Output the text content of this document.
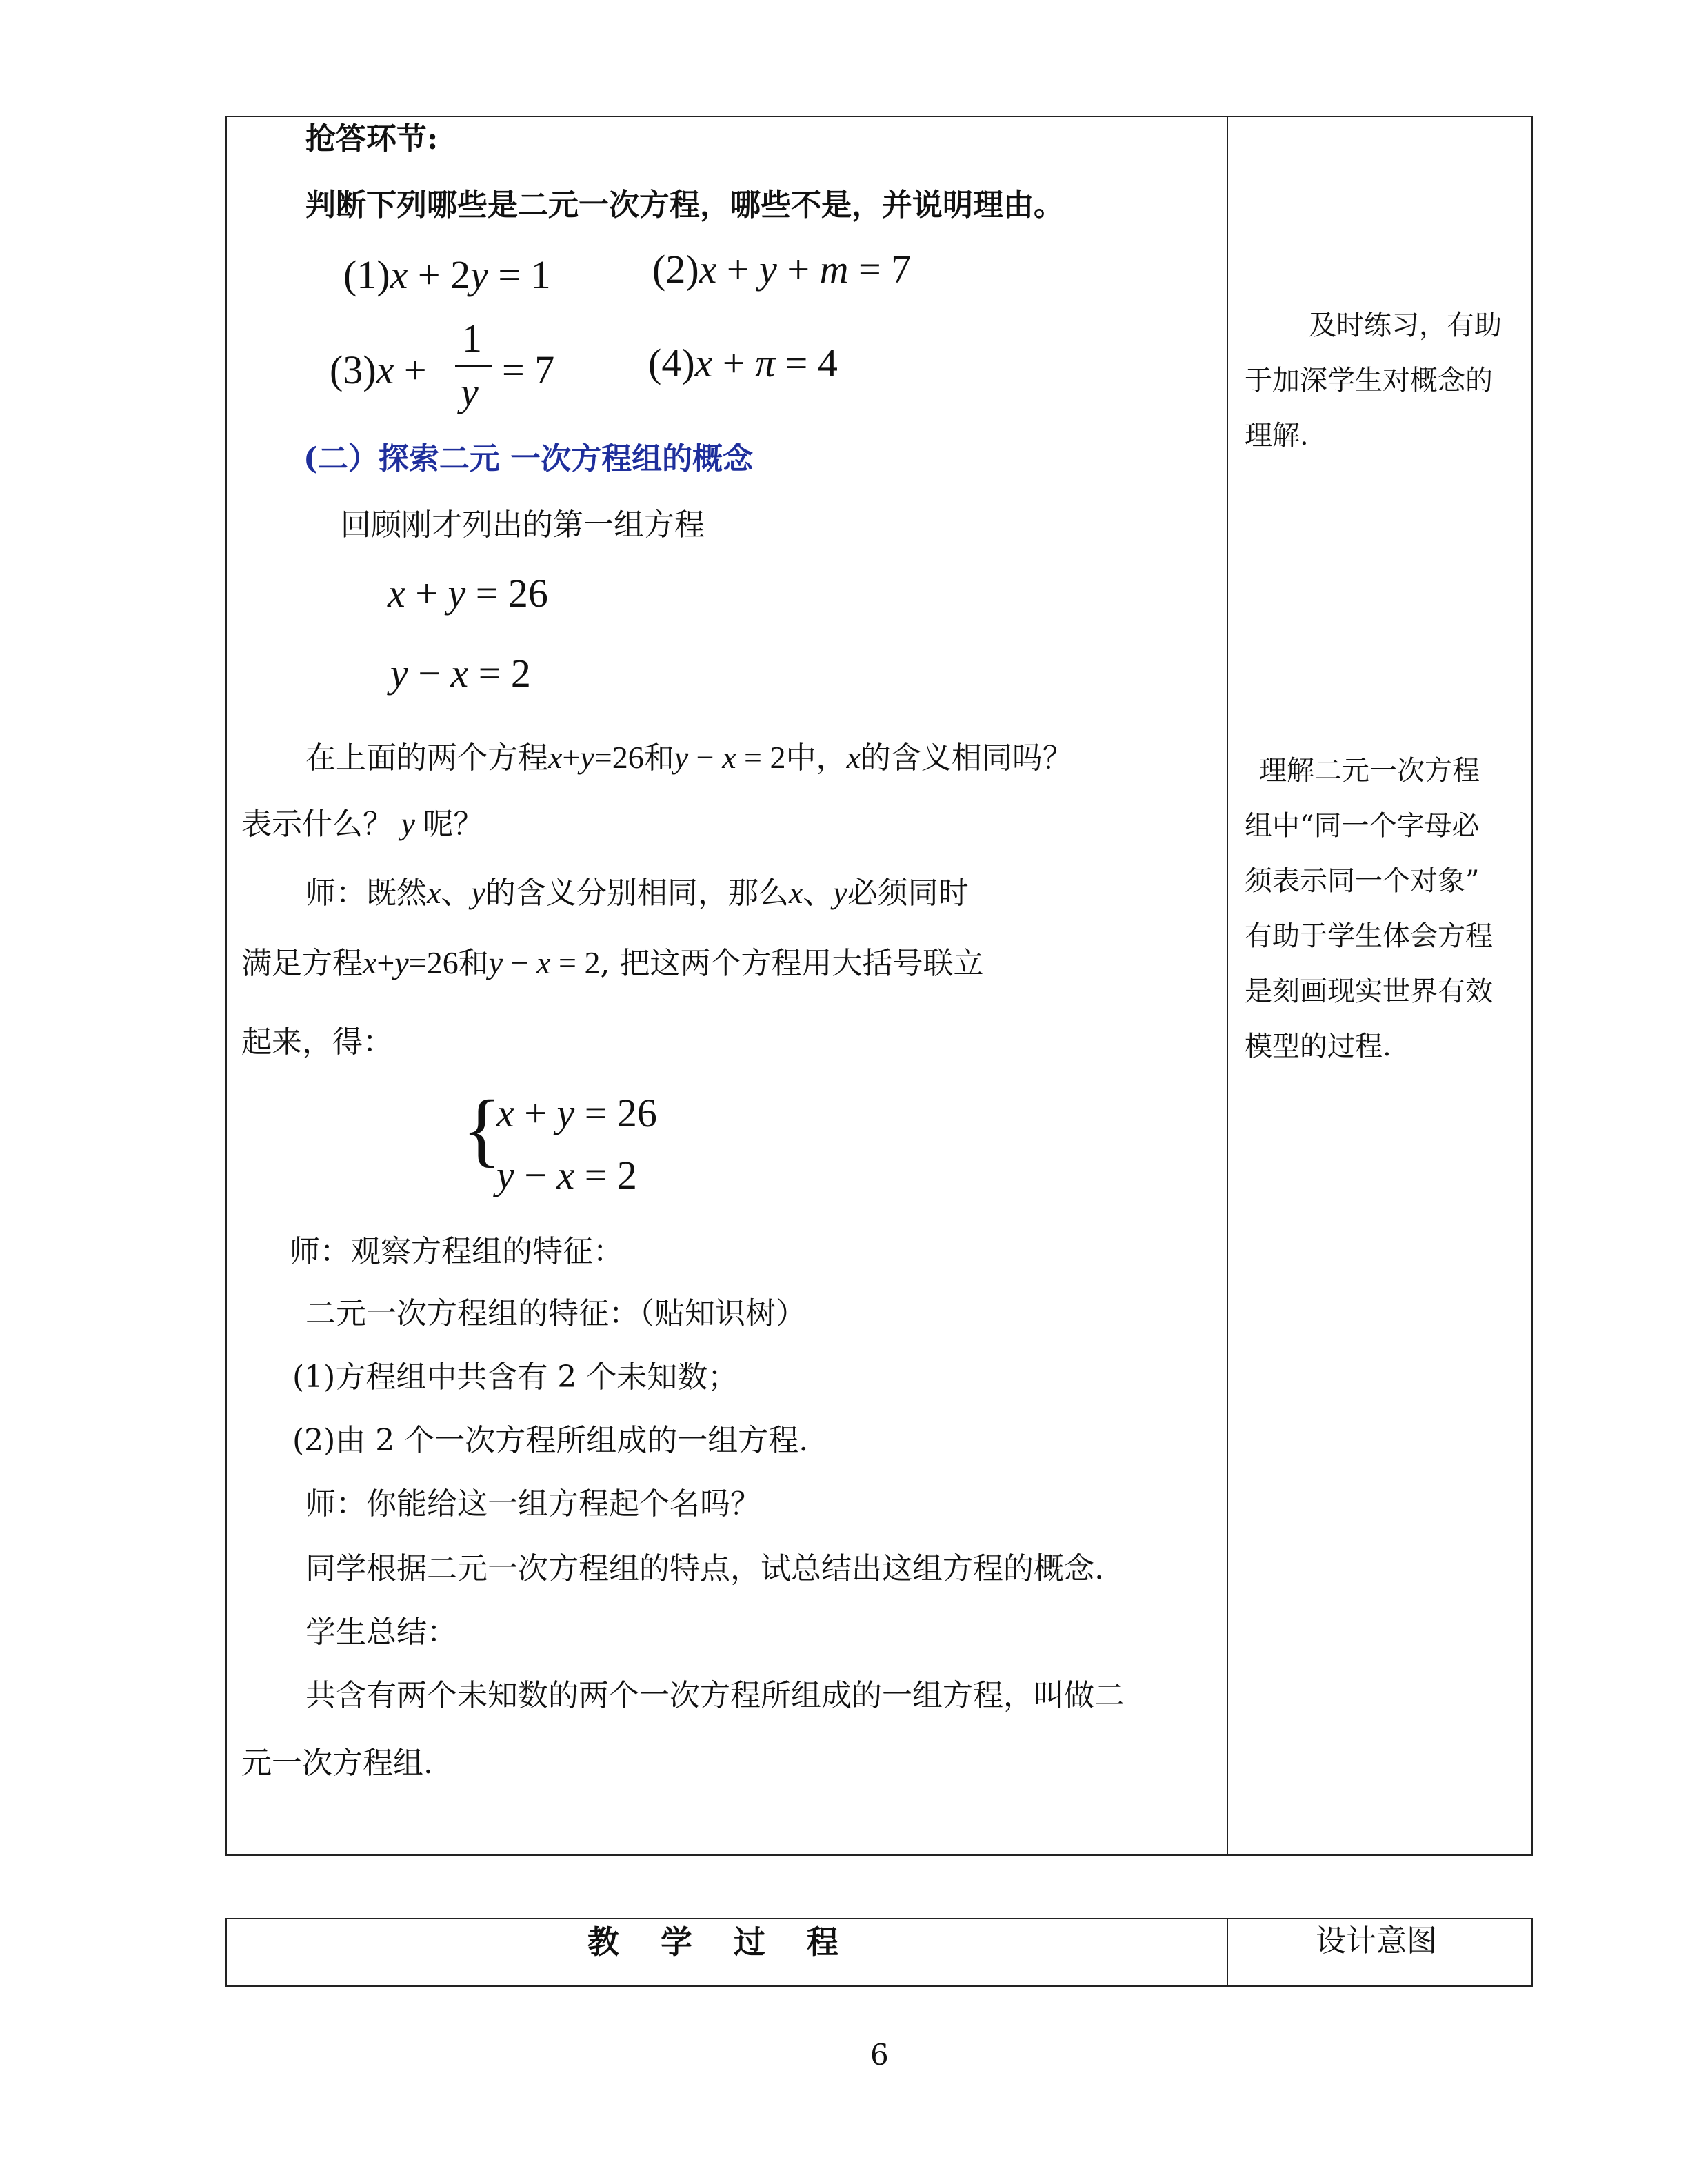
抢答环节:
判断下列哪些是二元一次方程，哪些不是，并说明理由。
(1)x + 2y = 1	(2)x + y + m = 7
(3)x +
1
y = 7 (4)x + π = 4
(二）探索二元 一次方程组的概念
回顾刚才列出的第一组方程
x + y = 26
y − x = 2
在上面的两个方程x+y=26和y − x = 2中，x的含义相同吗？
表示什么？ y 呢？
师：既然x、y的含义分别相同，那么x、y必须同时
满足方程x+y=26和y − x = 2, 把这两个方程用大括号联立
起来，得：
{
x + y = 26
y − x = 2
师：观察方程组的特征：
二元一次方程组的特征：（贴知识树）
(1)方程组中共含有 2 个未知数；
(2)由 2 个一次方程所组成的一组方程.
师：你能给这一组方程起个名吗？
同学根据二元一次方程组的特点，试总结出这组方程的概念.
学生总结：
共含有两个未知数的两个一次方程所组成的一组方程，叫做二
元一次方程组.
及时练习，有助
于加深学生对概念的
理解.
理解二元一次方程
组中“同一个字母必
须表示同一个对象”
有助于学生体会方程
是刻画现实世界有效
模型的过程.
教学过程	设计意图
6
